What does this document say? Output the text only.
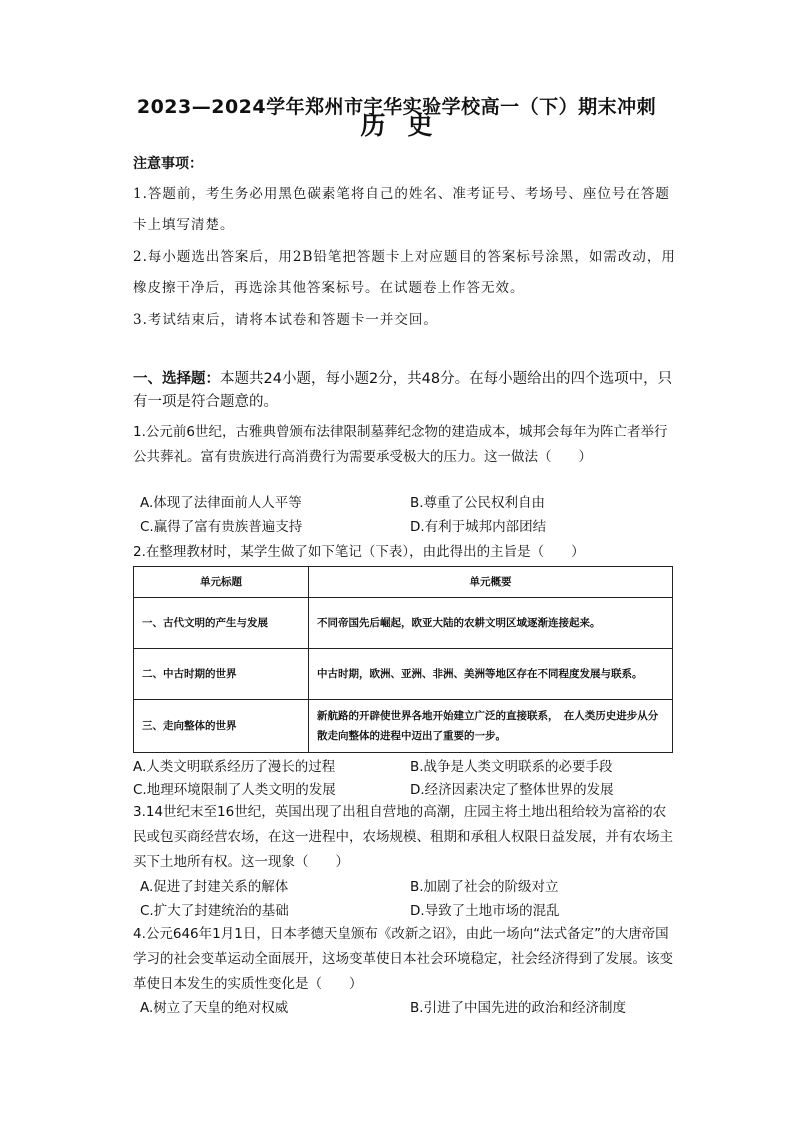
2023—2024学年郑州市宇华实验学校高一（下）期末冲刺
历史
注意事项：
1.答题前，考生务必用黑色碳素笔将自己的姓名、准考证号、考场号、座位号在答题卡上填写清楚。
2.每小题选出答案后，用2B铅笔把答题卡上对应题目的答案标号涂黑，如需改动，用橡皮擦干净后，再选涂其他答案标号。在试题卷上作答无效。
3.考试结束后，请将本试卷和答题卡一并交回。
一、选择题：本题共24小题，每小题2分，共48分。在每小题给出的四个选项中，只有一项是符合题意的。
1.公元前6世纪，古雅典曾颁布法律限制墓葬纪念物的建造成本，城邦会每年为阵亡者举行公共葬礼。富有贵族进行高消费行为需要承受极大的压力。这一做法（　　）
A.体现了法律面前人人平等	B.尊重了公民权利自由
C.赢得了富有贵族普遍支持	D.有利于城邦内部团结
2.在整理教材时，某学生做了如下笔记（下表），由此得出的主旨是（　　）
单元标题	单元概要
一、古代文明的产生与发展	不同帝国先后崛起，欧亚大陆的农耕文明区域逐渐连接起来。
二、中古时期的世界	中古时期，欧洲、亚洲、非洲、美洲等地区存在不同程度发展与联系。
三、走向整体的世界	新航路的开辟使世界各地开始建立广泛的直接联系，　在人类历史进步从分散走向整体的进程中迈出了重要的一步。
A.人类文明联系经历了漫长的过程	B.战争是人类文明联系的必要手段
C.地理环境限制了人类文明的发展	D.经济因素决定了整体世界的发展
3.14世纪末至16世纪，英国出现了出租自营地的高潮，庄园主将土地出租给较为富裕的农民或包买商经营农场，在这一进程中，农场规模、租期和承租人权限日益发展，并有农场主买下土地所有权。这一现象（　　）
A.促进了封建关系的解体	B.加剧了社会的阶级对立
C.扩大了封建统治的基础	D.导致了土地市场的混乱
4.公元646年1月1日，日本孝德天皇颁布《改新之诏》，由此一场向“法式备定”的大唐帝国学习的社会变革运动全面展开，这场变革使日本社会环境稳定，社会经济得到了发展。该变革使日本发生的实质性变化是（　　）
A.树立了天皇的绝对权威	B.引进了中国先进的政治和经济制度
